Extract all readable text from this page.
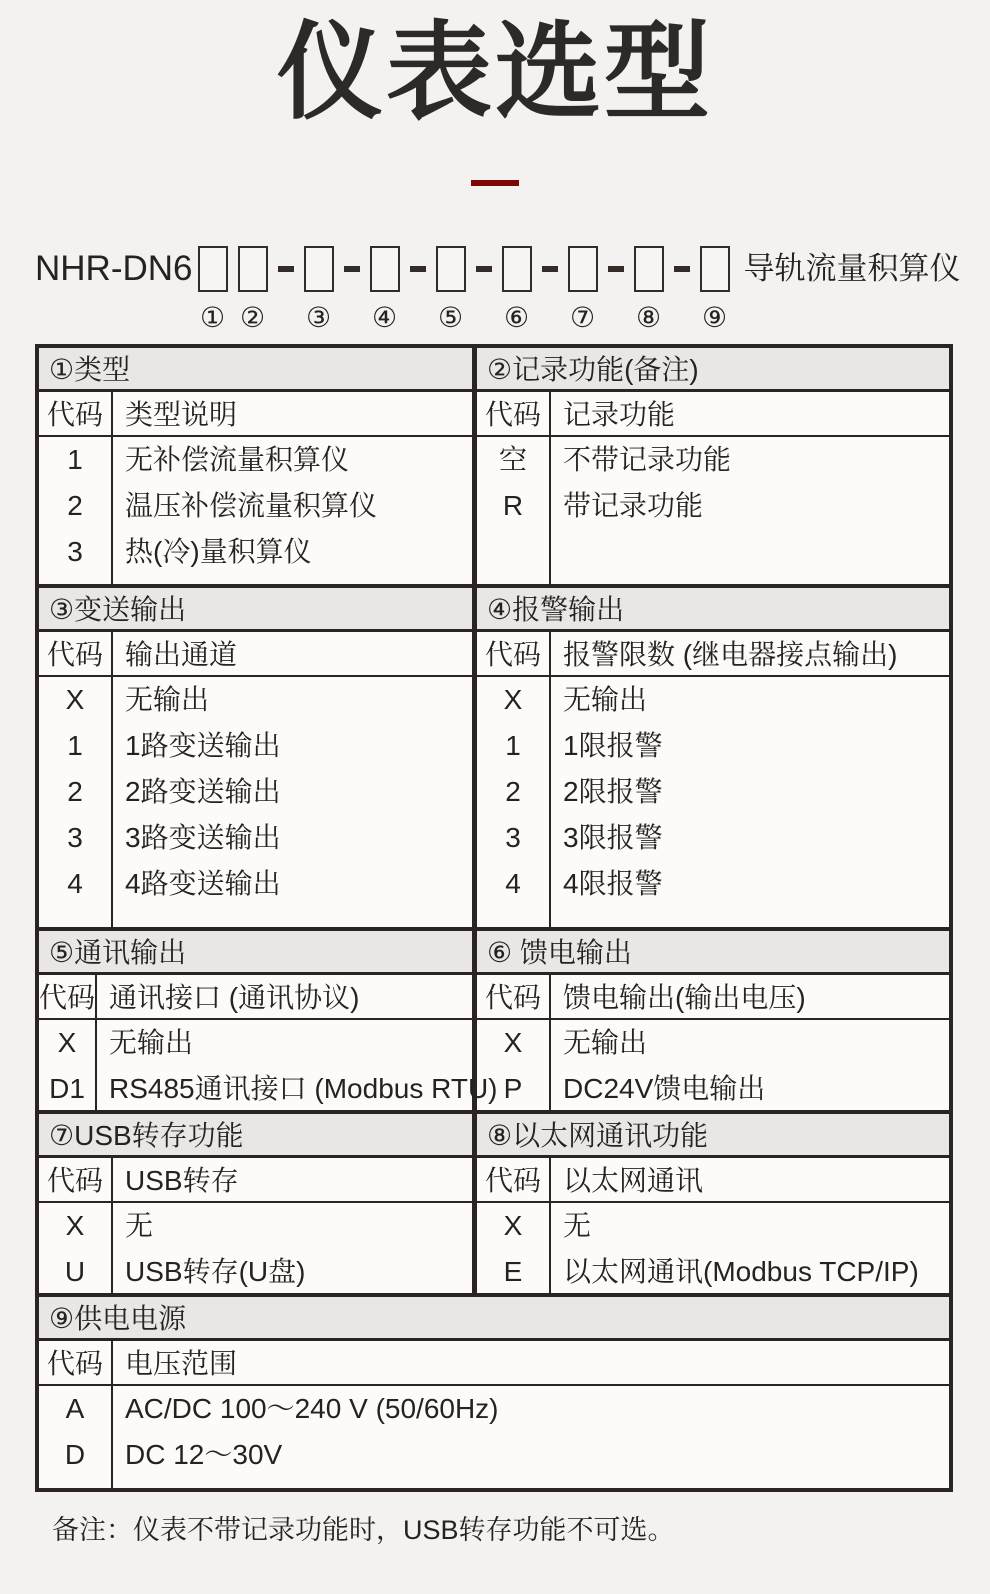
仪表选型
NHR-DN6
① ② ③ ④ ⑤ ⑥ ⑦ ⑧ ⑨
导轨流量积算仪
①类型
代码
1
2
3
类型说明
无补偿流量积算仪
温压补偿流量积算仪
热(冷)量积算仪
②记录功能(备注)
代码
空
R
记录功能
不带记录功能
带记录功能
③变送输出
代码
X
1
2
3
4
输出通道
无输出
1路变送输出
2路变送输出
3路变送输出
4路变送输出
④报警输出
代码
X
1
2
3
4
报警限数 (继电器接点输出)
无输出
1限报警
2限报警
3限报警
4限报警
⑤通讯输出
代码
X
D1
通讯接口 (通讯协议)
无输出
RS485通讯接口 (Modbus RTU)
⑥ 馈电输出
代码
X
P
馈电输出(输出电压)
无输出
DC24V馈电输出
⑦USB转存功能
代码
X
U
USB转存
无
USB转存(U盘)
⑧以太网通讯功能
代码
X
E
以太网通讯
无
以太网通讯(Modbus TCP/IP)
⑨供电电源
代码
A
D
电压范围
AC/DC 100～240 V (50/60Hz)
DC 12～30V
备注：仪表不带记录功能时，USB转存功能不可选。
